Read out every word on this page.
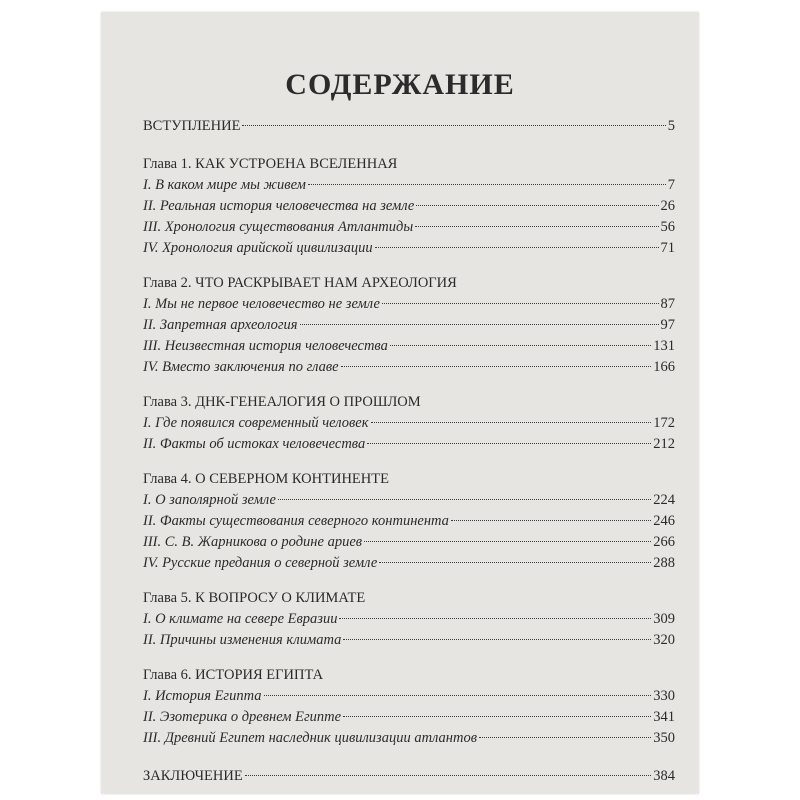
СОДЕРЖАНИЕ
ВСТУПЛЕНИЕ	5
Глава 1. КАК УСТРОЕНА ВСЕЛЕННАЯ
I. В каком мире мы живем	7
II. Реальная история человечества на земле	26
III. Хронология существования Атлантиды	56
IV. Хронология арийской цивилизации	71
Глава 2. ЧТО РАСКРЫВАЕТ НАМ АРХЕОЛОГИЯ
I. Мы не первое человечество не земле	87
II. Запретная археология	97
III. Неизвестная история человечества	131
IV. Вместо заключения по главе	166
Глава 3. ДНК-ГЕНЕАЛОГИЯ О ПРОШЛОМ
I. Где появился современный человек	172
II. Факты об истоках человечества	212
Глава 4. О СЕВЕРНОМ КОНТИНЕНТЕ
I. О заполярной земле	224
II. Факты существования северного континента	246
III. С. В. Жарникова о родине ариев	266
IV. Русские предания о северной земле	288
Глава 5. К ВОПРОСУ О КЛИМАТЕ
I. О климате на севере Евразии	309
II. Причины изменения климата	320
Глава 6. ИСТОРИЯ ЕГИПТА
I. История Египта	330
II. Эзотерика о древнем Египте	341
III. Древний Египет наследник цивилизации атлантов	350
ЗАКЛЮЧЕНИЕ	384
